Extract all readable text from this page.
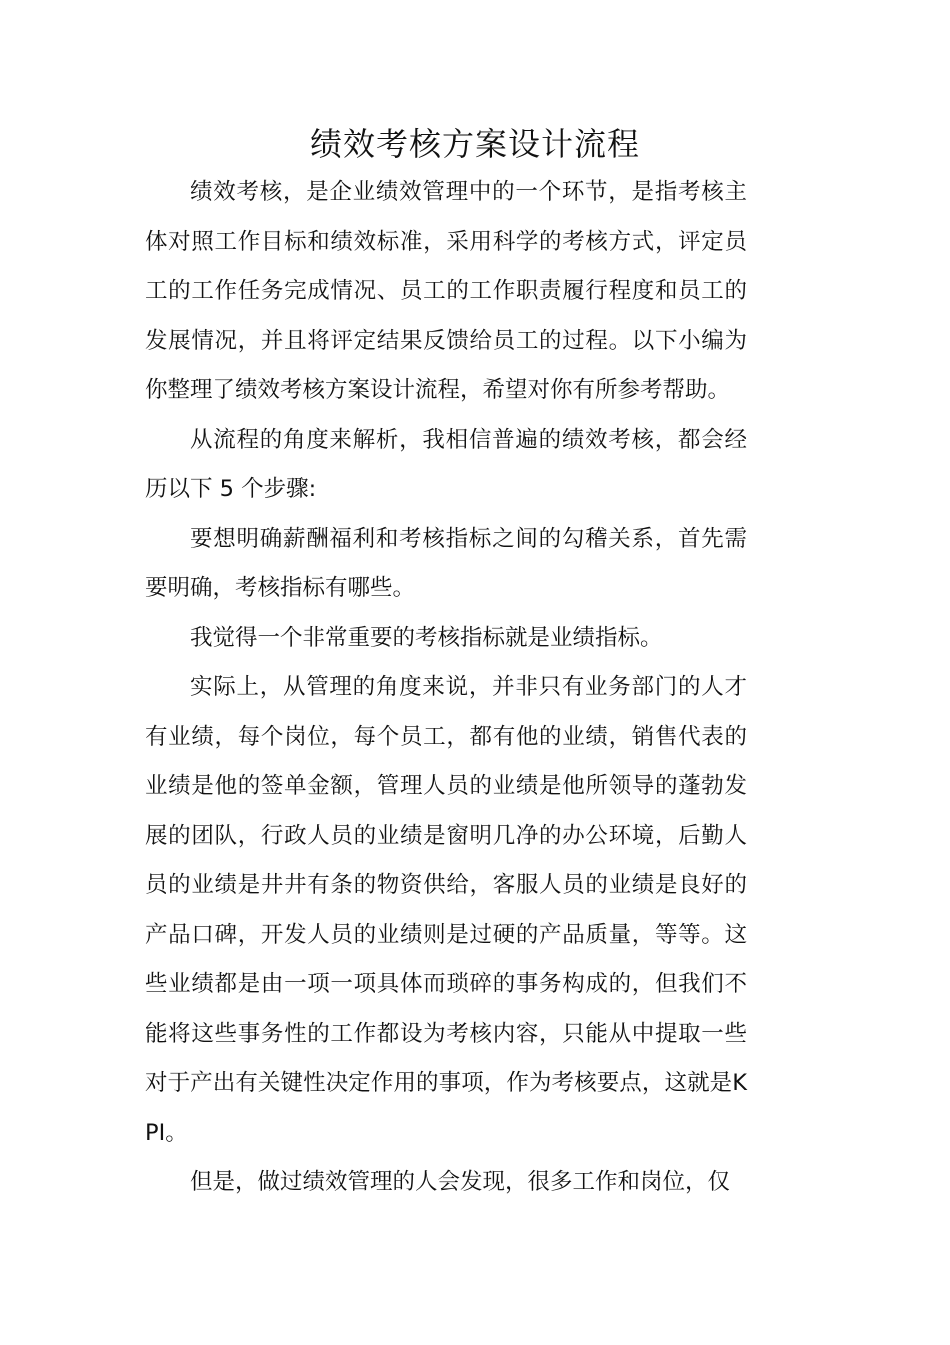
绩效考核方案设计流程

绩效考核，是企业绩效管理中的一个环节，是指考核主体对照工作目标和绩效标准，采用科学的考核方式，评定员工的工作任务完成情况、员工的工作职责履行程度和员工的发展情况，并且将评定结果反馈给员工的过程。以下小编为你整理了绩效考核方案设计流程，希望对你有所参考帮助。

从流程的角度来解析，我相信普遍的绩效考核，都会经历以下 5 个步骤:

要想明确薪酬福利和考核指标之间的勾稽关系，首先需要明确，考核指标有哪些。

我觉得一个非常重要的考核指标就是业绩指标。

实际上，从管理的角度来说，并非只有业务部门的人才有业绩，每个岗位，每个员工，都有他的业绩，销售代表的业绩是他的签单金额，管理人员的业绩是他所领导的蓬勃发展的团队，行政人员的业绩是窗明几净的办公环境，后勤人员的业绩是井井有条的物资供给，客服人员的业绩是良好的产品口碑，开发人员的业绩则是过硬的产品质量，等等。这些业绩都是由一项一项具体而琐碎的事务构成的，但我们不能将这些事务性的工作都设为考核内容，只能从中提取一些对于产出有关键性决定作用的事项，作为考核要点，这就是KPI。

但是，做过绩效管理的人会发现，很多工作和岗位，仅
